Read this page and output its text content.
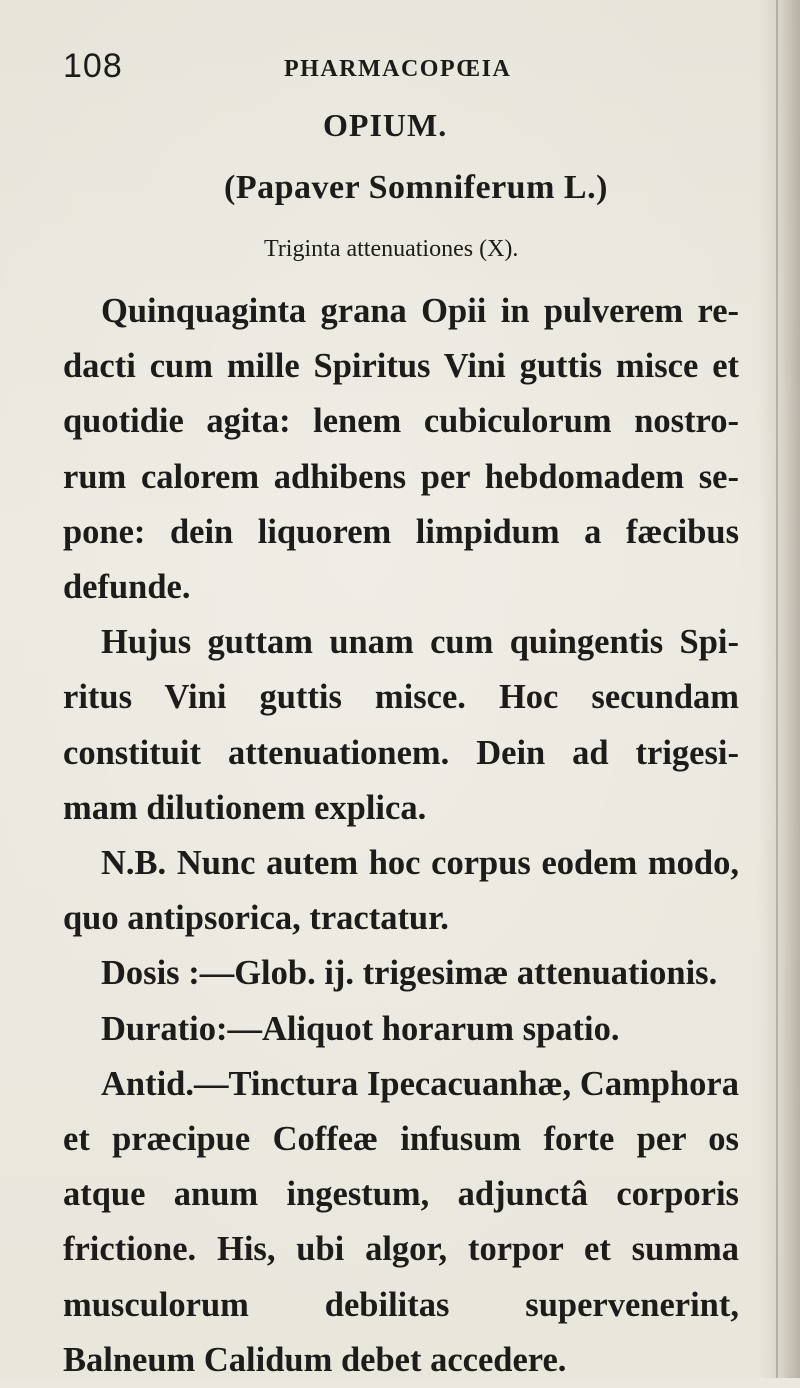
108	PHARMACOPŒIA
OPIUM.
(Papaver Somniferum L.)
Triginta attenuationes (X).

Quinquaginta grana Opii in pulverem re-dacti cum mille Spiritus Vini guttis misce et quotidie agita: lenem cubiculorum nostro-rum calorem adhibens per hebdomadem se-pone: dein liquorem limpidum a fæcibus defunde.

Hujus guttam unam cum quingentis Spi-ritus Vini guttis misce. Hoc secundam constituit attenuationem. Dein ad trigesi-mam dilutionem explica.

N.B. Nunc autem hoc corpus eodem modo, quo antipsorica, tractatur.

Dosis :—Glob. ij. trigesimæ attenuationis.

Duratio:—Aliquot horarum spatio.

Antid.—Tinctura Ipecacuanhæ, Camphora et præcipue Coffeæ infusum forte per os atque anum ingestum, adjunctâ corporis frictione. His, ubi algor, torpor et summa musculorum debilitas supervenerint, Balneum Calidum debet accedere.
